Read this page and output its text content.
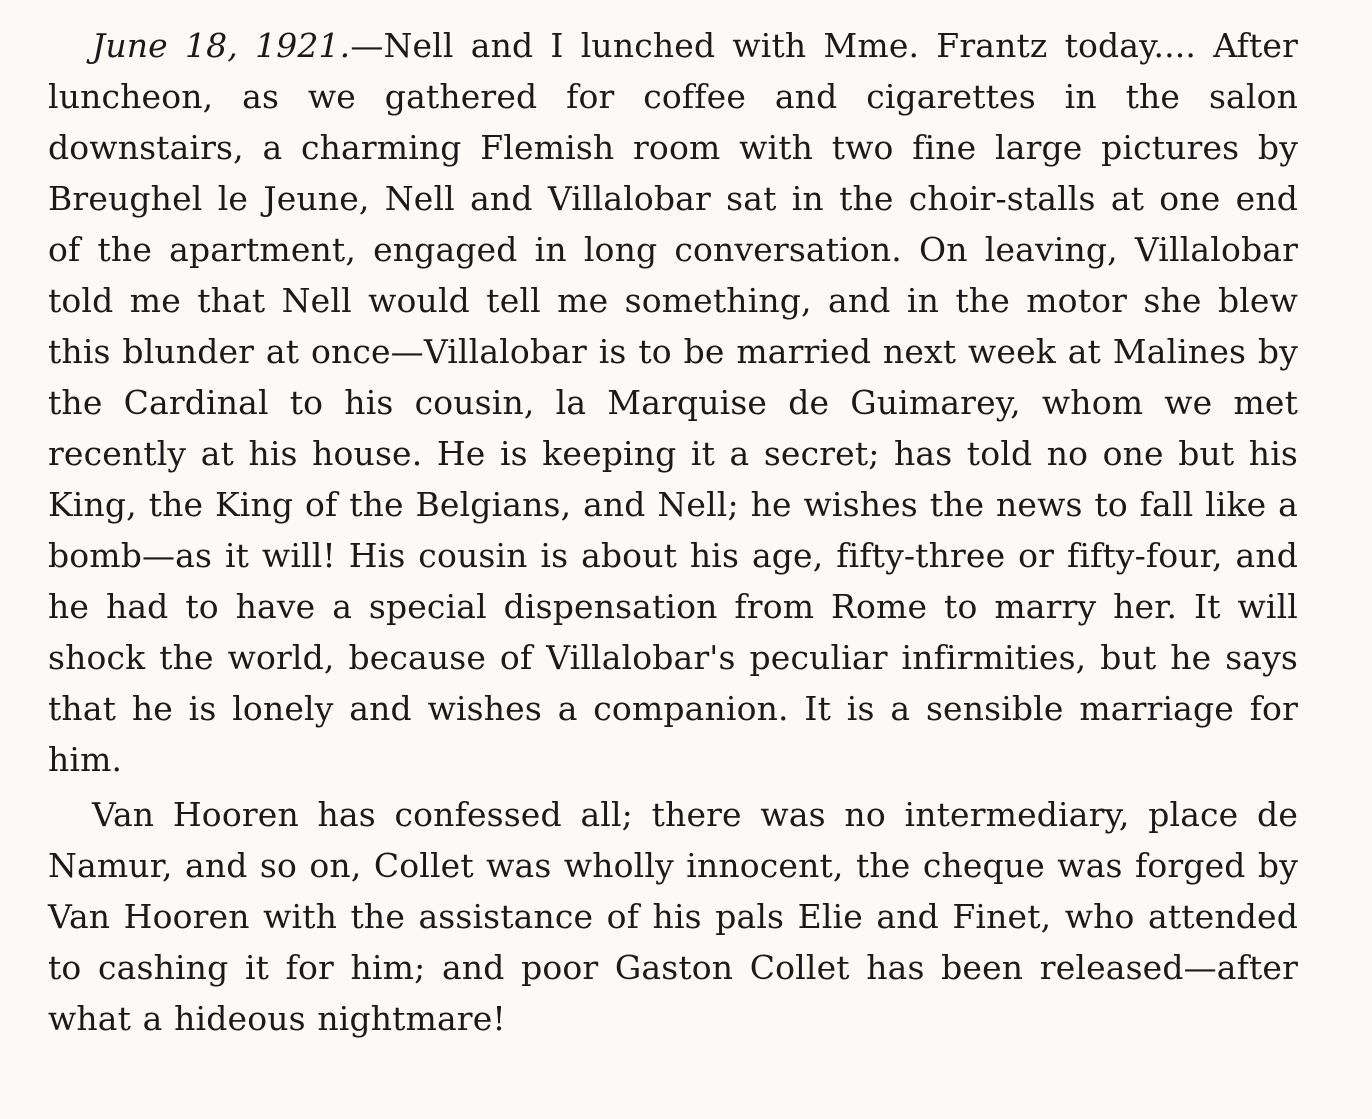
June 18, 1921.—Nell and I lunched with Mme. Frantz today.... After luncheon, as we gathered for coffee and cigarettes in the salon downstairs, a charming Flemish room with two fine large pictures by Breughel le Jeune, Nell and Villalobar sat in the choir-stalls at one end of the apartment, engaged in long conversation. On leaving, Villalobar told me that Nell would tell me something, and in the motor she blew this blunder at once—Villalobar is to be married next week at Malines by the Cardinal to his cousin, la Marquise de Guimarey, whom we met recently at his house. He is keeping it a secret; has told no one but his King, the King of the Belgians, and Nell; he wishes the news to fall like a bomb—as it will! His cousin is about his age, fifty-three or fifty-four, and he had to have a special dispensation from Rome to marry her. It will shock the world, because of Villalobar's peculiar infirmities, but he says that he is lonely and wishes a companion. It is a sensible marriage for him.

Van Hooren has confessed all; there was no intermediary, place de Namur, and so on, Collet was wholly innocent, the cheque was forged by Van Hooren with the assistance of his pals Elie and Finet, who attended to cashing it for him; and poor Gaston Collet has been released—after what a hideous nightmare!
